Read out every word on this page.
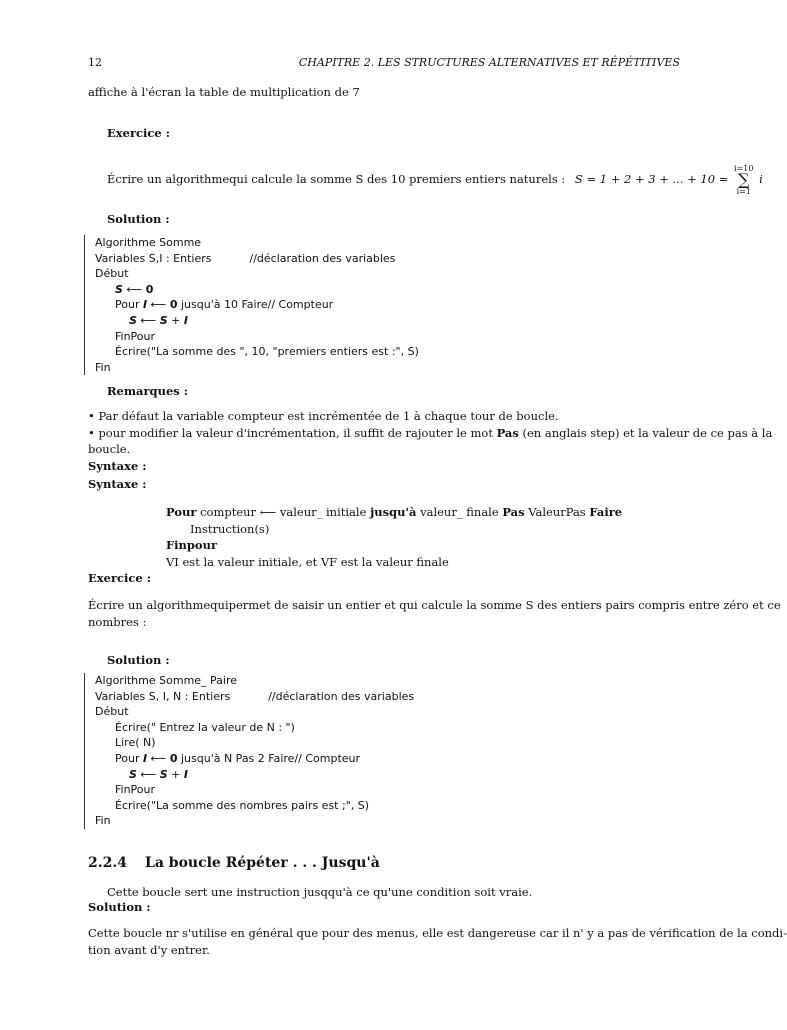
12	CHAPITRE 2. LES STRUCTURES ALTERNATIVES ET RÉPÉTITIVES
affiche à l'écran la table de multiplication de 7
Exercice :
Écrire un algorithmequi calcule la somme S des 10 premiers entiers naturels : S = 1 + 2 + 3 + ... + 10 =
i=10
∑
i=1
i
Solution :
Algorithme Somme
Variables S,I : Entiers	//déclaration des variables
Début
S ⟵ 0
Pour I ⟵ 0 jusqu'à 10 Faire// Compteur
S ⟵ S + I
FinPour
Écrire("La somme des ", 10, "premiers entiers est :", S)
Fin
Remarques :
• Par défaut la variable compteur est incrémentée de 1 à chaque tour de boucle.
• pour modifier la valeur d'incrémentation, il suffit de rajouter le mot Pas (en anglais step) et la valeur de ce pas à la
boucle.
Syntaxe :
Syntaxe :
Pour compteur ⟵ valeur_ initiale jusqu'à valeur_ finale Pas ValeurPas Faire
Instruction(s)
Finpour
VI est la valeur initiale, et VF est la valeur finale
Exercice :
Écrire un algorithmequipermet de saisir un entier et qui calcule la somme S des entiers pairs compris entre zéro et ce
nombres :
Solution :
Algorithme Somme_ Paire
Variables S, I, N : Entiers	//déclaration des variables
Début
Écrire(" Entrez la valeur de N : ")
Lire( N)
Pour I ⟵ 0 jusqu'à N Pas 2 Faire// Compteur
S ⟵ S + I
FinPour
Écrire("La somme des nombres pairs est ;", S)
Fin
2.2.4 La boucle Répéter . . . Jusqu'à
Cette boucle sert une instruction jusqqu'à ce qu'une condition soit vraie.
Solution :
Cette boucle nr s'utilise en général que pour des menus, elle est dangereuse car il n' y a pas de vérification de la condi-
tion avant d'y entrer.
